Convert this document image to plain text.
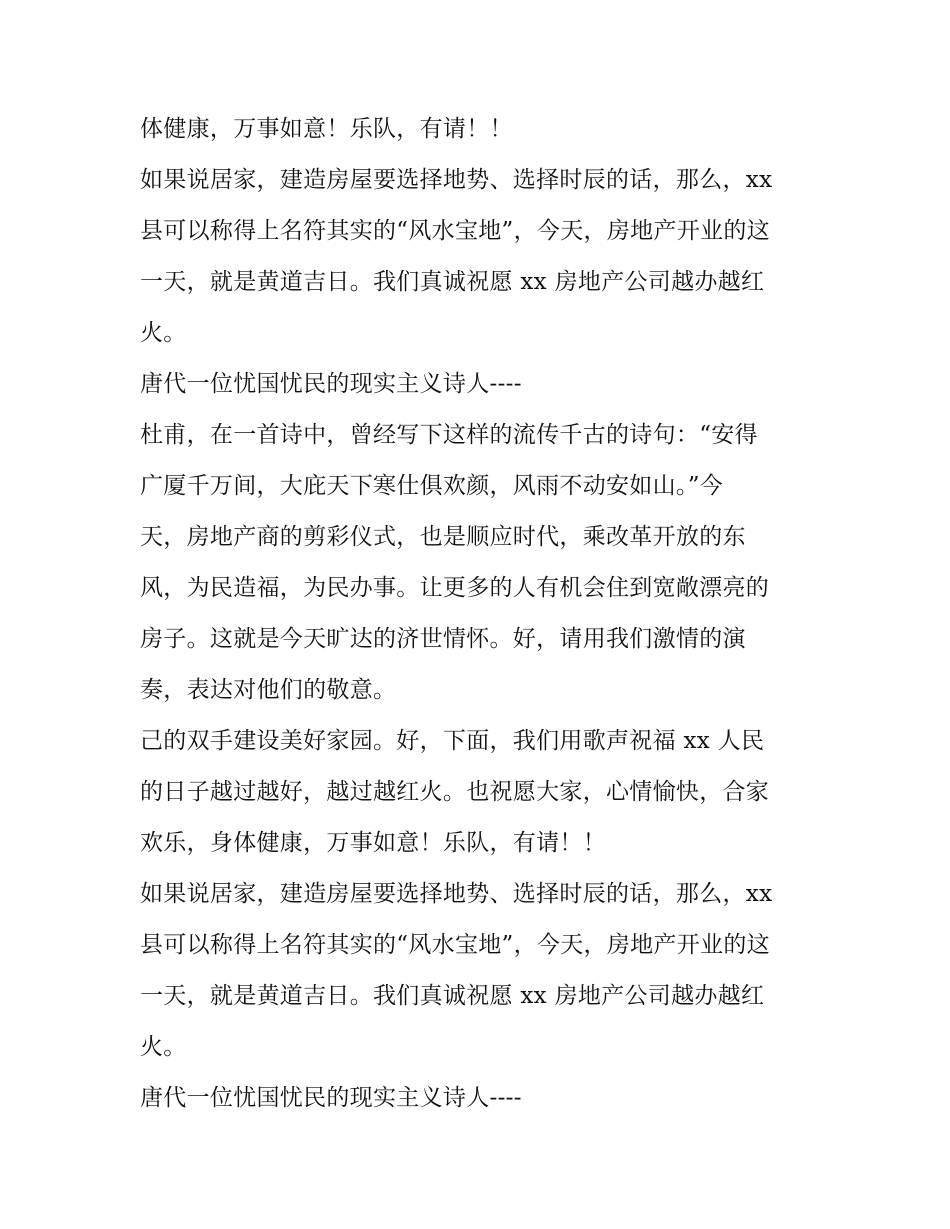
体健康，万事如意！乐队，有请！！
如果说居家，建造房屋要选择地势、选择时辰的话，那么，xx
县可以称得上名符其实的“风水宝地”，今天，房地产开业的这
一天，就是黄道吉日。我们真诚祝愿 xx 房地产公司越办越红
火。
唐代一位忧国忧民的现实主义诗人----
杜甫，在一首诗中，曾经写下这样的流传千古的诗句：“安得
广厦千万间，大庇天下寒仕俱欢颜，风雨不动安如山。”今
天，房地产商的剪彩仪式，也是顺应时代，乘改革开放的东
风，为民造福，为民办事。让更多的人有机会住到宽敞漂亮的
房子。这就是今天旷达的济世情怀。好，请用我们激情的演
奏，表达对他们的敬意。
己的双手建设美好家园。好，下面，我们用歌声祝福 xx 人民
的日子越过越好，越过越红火。也祝愿大家，心情愉快，合家
欢乐，身体健康，万事如意！乐队，有请！！
如果说居家，建造房屋要选择地势、选择时辰的话，那么，xx
县可以称得上名符其实的“风水宝地”，今天，房地产开业的这
一天，就是黄道吉日。我们真诚祝愿 xx 房地产公司越办越红
火。
唐代一位忧国忧民的现实主义诗人----
